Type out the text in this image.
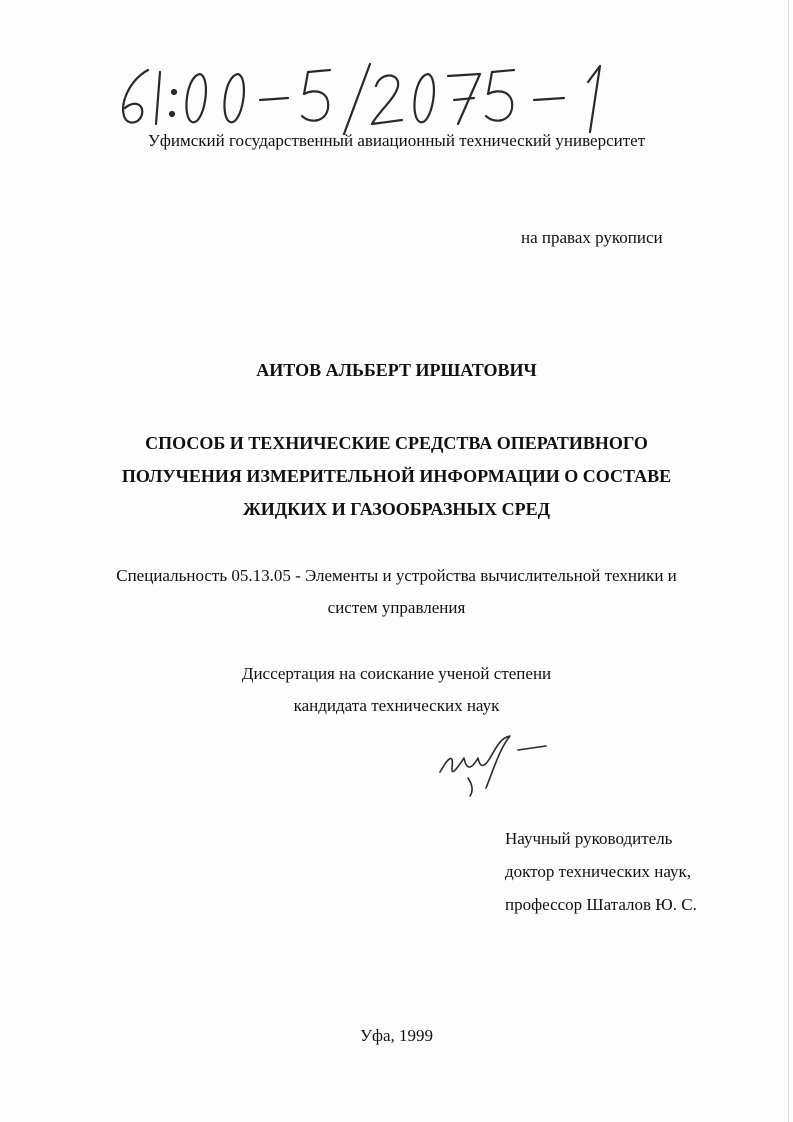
Уфимский государственный авиационный технический университет
на правах рукописи
АИТОВ АЛЬБЕРТ ИРШАТОВИЧ
СПОСОБ И ТЕХНИЧЕСКИЕ СРЕДСТВА ОПЕРАТИВНОГО
ПОЛУЧЕНИЯ ИЗМЕРИТЕЛЬНОЙ ИНФОРМАЦИИ О СОСТАВЕ
ЖИДКИХ И ГАЗООБРАЗНЫХ СРЕД
Специальность 05.13.05 - Элементы и устройства вычислительной техники и
систем управления
Диссертация на соискание ученой степени
кандидата технических наук
Научный руководитель
доктор технических наук,
профессор Шаталов Ю. С.
Уфа, 1999
